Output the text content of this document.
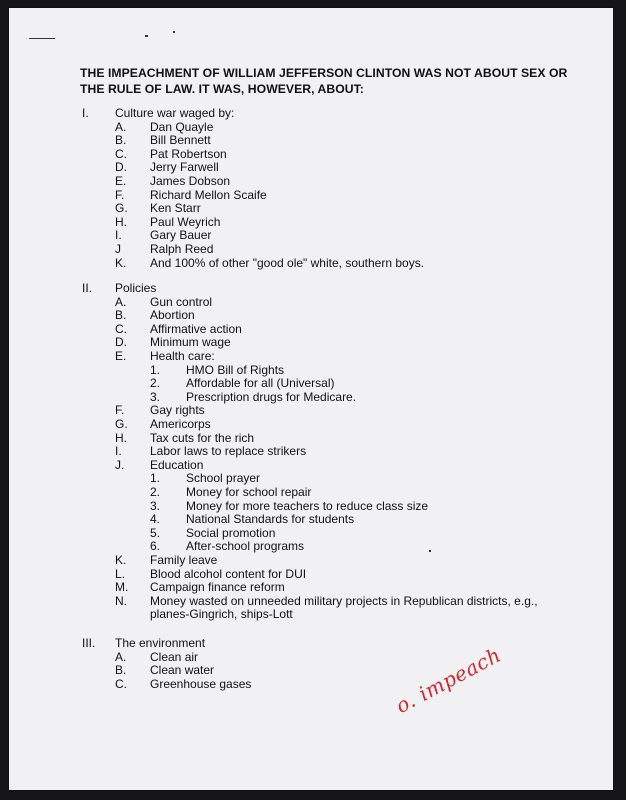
THE IMPEACHMENT OF WILLIAM JEFFERSON CLINTON WAS NOT ABOUT SEX OR
THE RULE OF LAW. IT WAS, HOWEVER, ABOUT:
I. Culture war waged by:
A. Dan Quayle
B. Bill Bennett
C. Pat Robertson
D. Jerry Farwell
E. James Dobson
F. Richard Mellon Scaife
G. Ken Starr
H. Paul Weyrich
I. Gary Bauer
J Ralph Reed
K. And 100% of other "good ole" white, southern boys.
II. Policies
A. Gun control
B. Abortion
C. Affirmative action
D. Minimum wage
E. Health care:
1. HMO Bill of Rights
2. Affordable for all (Universal)
3. Prescription drugs for Medicare.
F. Gay rights
G. Americorps
H. Tax cuts for the rich
I. Labor laws to replace strikers
J. Education
1. School prayer
2. Money for school repair
3. Money for more teachers to reduce class size
4. National Standards for students
5. Social promotion
6. After-school programs
K. Family leave
L. Blood alcohol content for DUI
M. Campaign finance reform
N. Money wasted on unneeded military projects in Republican districts, e.g.,
planes-Gingrich, ships-Lott
III. The environment
A. Clean air
B. Clean water
C. Greenhouse gases	o. impeach
